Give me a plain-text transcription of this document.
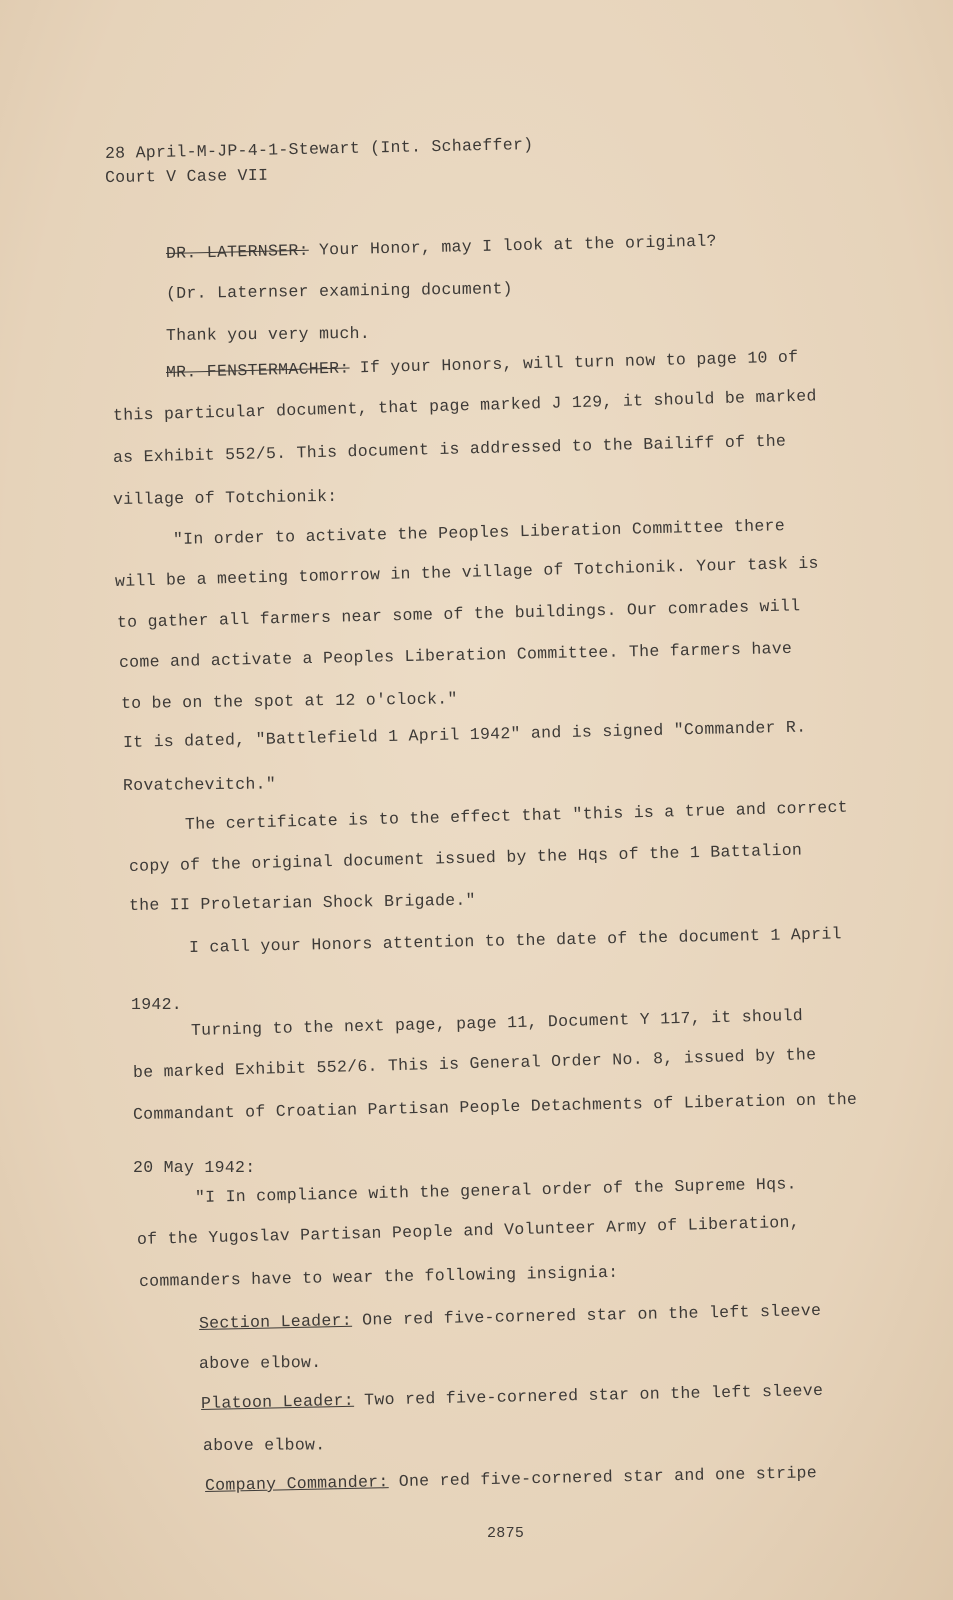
28 April-M-JP-4-1-Stewart (Int. Schaeffer)
Court V Case VII
DR. LATERNSER: Your Honor, may I look at the original?
(Dr. Laternser examining document)
Thank you very much.
MR. FENSTERMACHER: If your Honors, will turn now to page 10 of
this particular document, that page marked J 129, it should be marked
as Exhibit 552/5. This document is addressed to the Bailiff of the
village of Totchionik:
"In order to activate the Peoples Liberation Committee there
will be a meeting tomorrow in the village of Totchionik. Your task is
to gather all farmers near some of the buildings. Our comrades will
come and activate a Peoples Liberation Committee. The farmers have
to be on the spot at 12 o'clock."
It is dated, "Battlefield 1 April 1942" and is signed "Commander R.
Rovatchevitch."
The certificate is to the effect that "this is a true and correct
copy of the original document issued by the Hqs of the 1 Battalion
the II Proletarian Shock Brigade."
I call your Honors attention to the date of the document 1 April
1942.
Turning to the next page, page 11, Document Y 117, it should
be marked Exhibit 552/6. This is General Order No. 8, issued by the
Commandant of Croatian Partisan People Detachments of Liberation on the
20 May 1942:
"I In compliance with the general order of the Supreme Hqs.
of the Yugoslav Partisan People and Volunteer Army of Liberation,
commanders have to wear the following insignia:
Section Leader: One red five-cornered star on the left sleeve
above elbow.
Platoon Leader: Two red five-cornered star on the left sleeve
above elbow.
Company Commander: One red five-cornered star and one stripe
2875
